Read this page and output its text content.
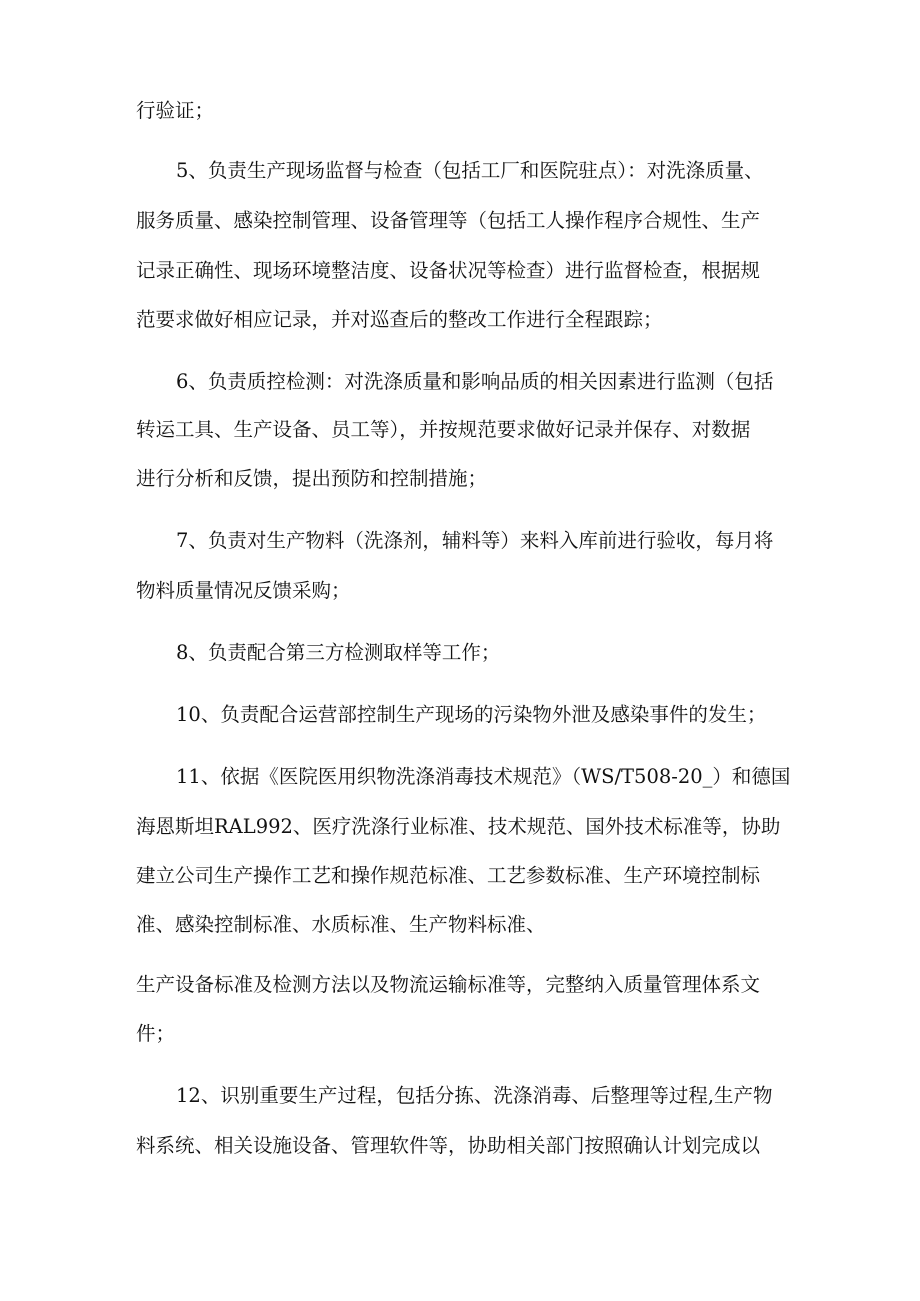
行验证；

5、负责生产现场监督与检查（包括工厂和医院驻点）：对洗涤质量、

服务质量、感染控制管理、设备管理等（包括工人操作程序合规性、生产

记录正确性、现场环境整洁度、设备状况等检查）进行监督检查，根据规

范要求做好相应记录，并对巡查后的整改工作进行全程跟踪；

6、负责质控检测：对洗涤质量和影响品质的相关因素进行监测（包括

转运工具、生产设备、员工等），并按规范要求做好记录并保存、对数据

进行分析和反馈，提出预防和控制措施；

7、负责对生产物料（洗涤剂，辅料等）来料入库前进行验收，每月将

物料质量情况反馈采购；

8、负责配合第三方检测取样等工作；

10、负责配合运营部控制生产现场的污染物外泄及感染事件的发生；

11、依据《医院医用织物洗涤消毒技术规范》（WS/T508-20_）和德国

海恩斯坦RAL992、医疗洗涤行业标准、技术规范、国外技术标准等，协助

建立公司生产操作工艺和操作规范标准、工艺参数标准、生产环境控制标

准、感染控制标准、水质标准、生产物料标准、

生产设备标准及检测方法以及物流运输标准等，完整纳入质量管理体系文

件；

12、识别重要生产过程，包括分拣、洗涤消毒、后整理等过程,生产物

料系统、相关设施设备、管理软件等，协助相关部门按照确认计划完成以
